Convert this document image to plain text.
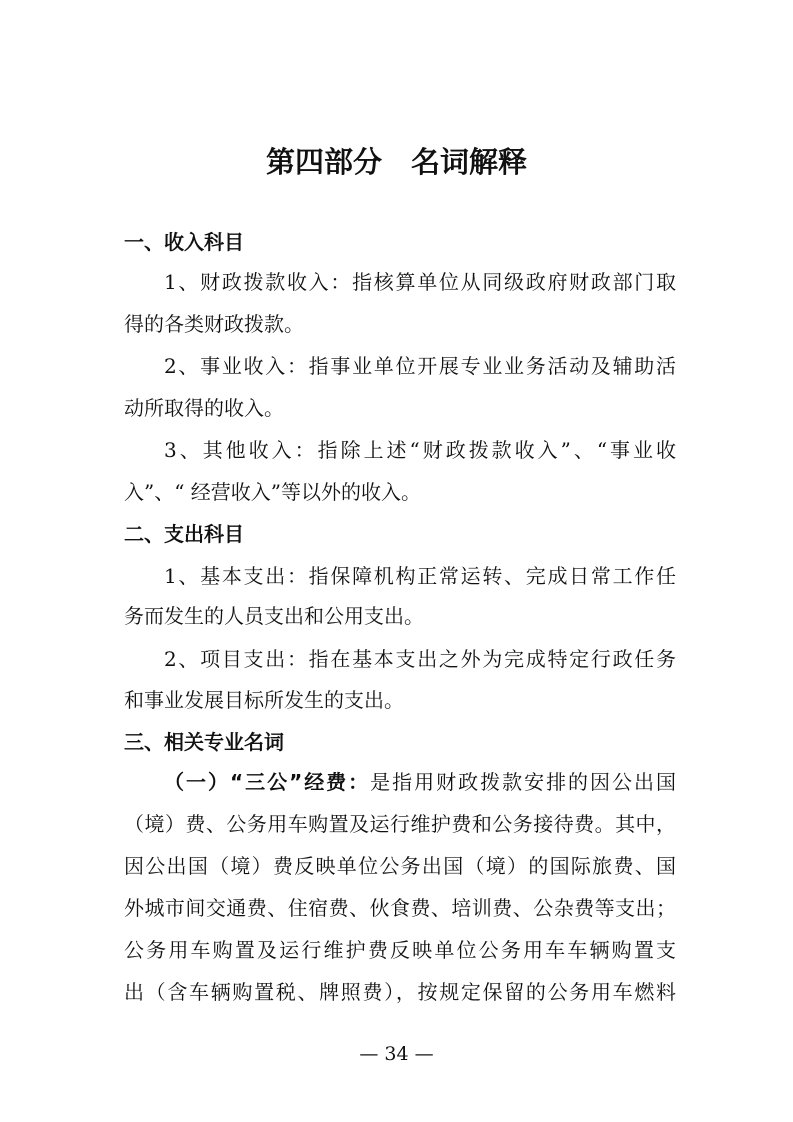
第四部分　名词解释
一、收入科目
1、财政拨款收入：指核算单位从同级政府财政部门取
得的各类财政拨款。
2、事业收入：指事业单位开展专业业务活动及辅助活
动所取得的收入。
3、其他收入：指除上述“财政拨款收入”、“事业收
入”、“ 经营收入”等以外的收入。
二、支出科目
1、基本支出：指保障机构正常运转、完成日常工作任
务而发生的人员支出和公用支出。
2、项目支出：指在基本支出之外为完成特定行政任务
和事业发展目标所发生的支出。
三、相关专业名词
（一）“三公”经费：是指用财政拨款安排的因公出国
（境）费、公务用车购置及运行维护费和公务接待费。其中，
因公出国（境）费反映单位公务出国（境）的国际旅费、国
外城市间交通费、住宿费、伙食费、培训费、公杂费等支出；
公务用车购置及运行维护费反映单位公务用车车辆购置支
出（含车辆购置税、牌照费），按规定保留的公务用车燃料
— 34 —
